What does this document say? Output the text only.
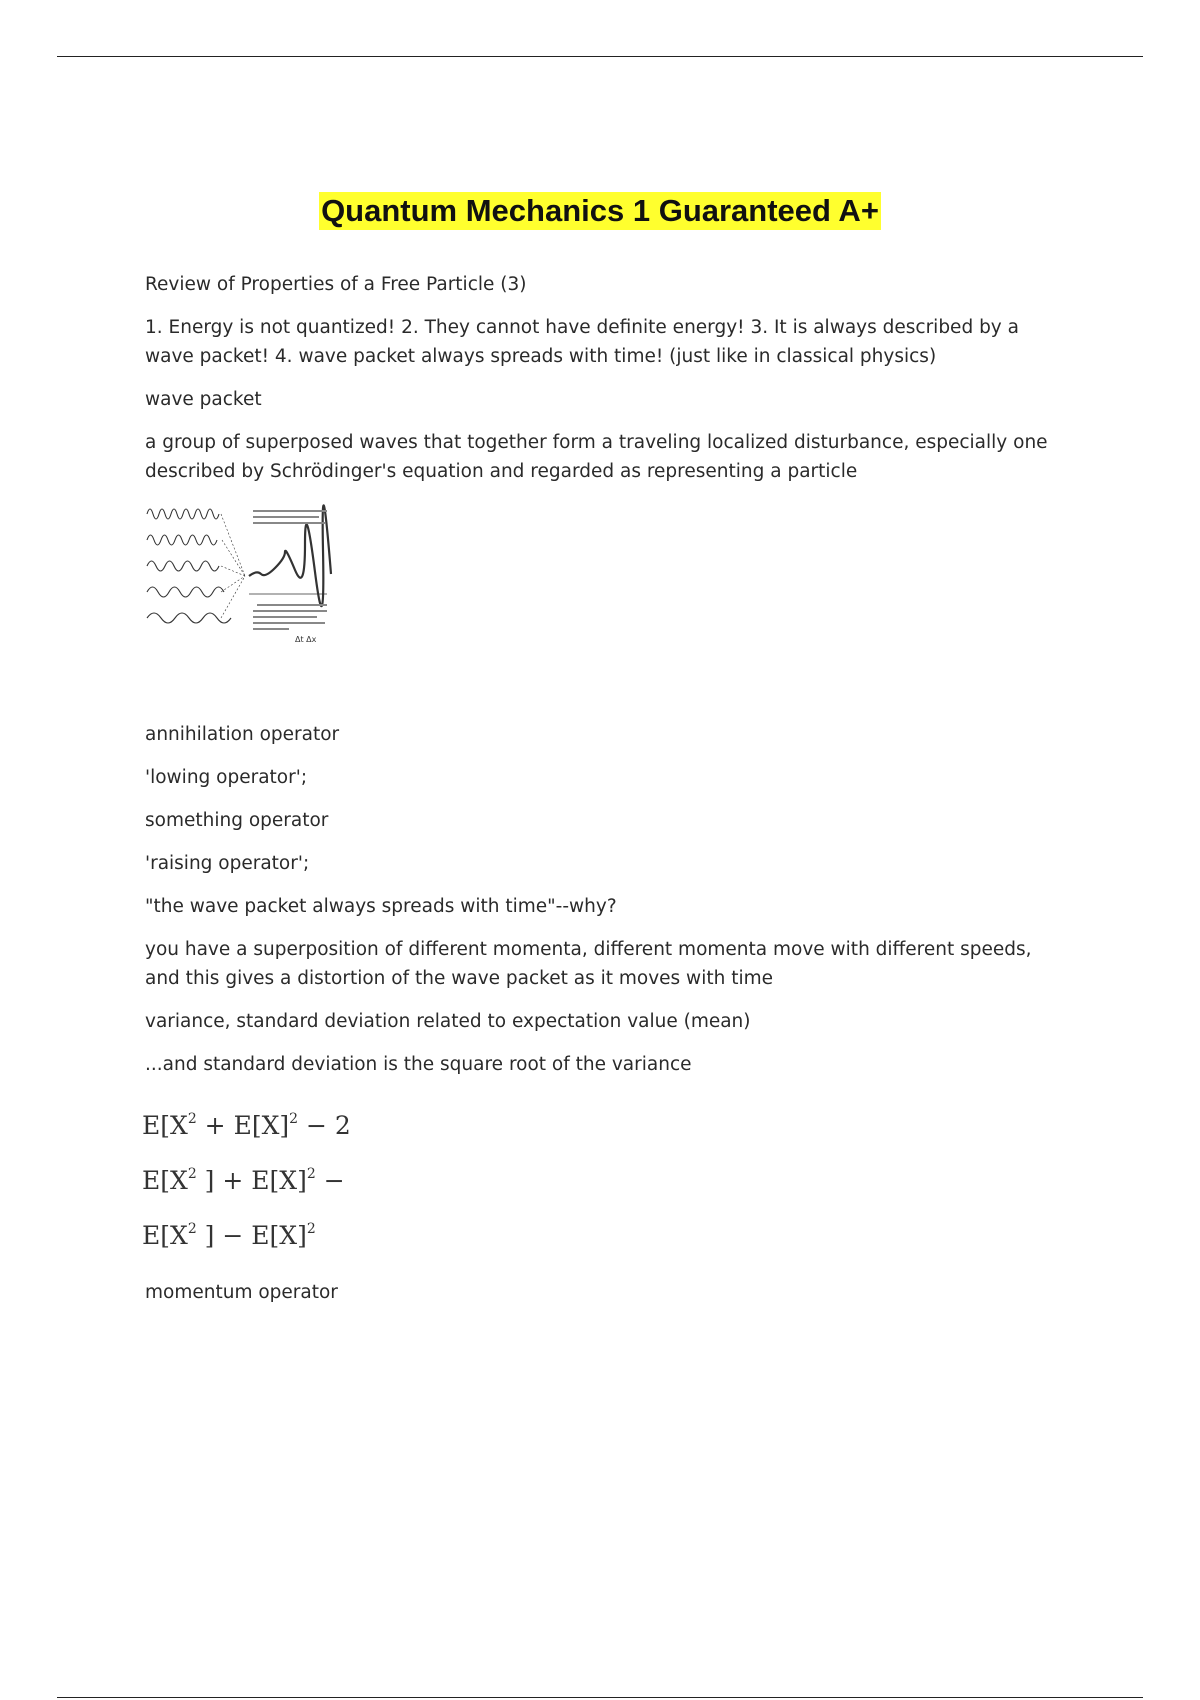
Quantum Mechanics 1 Guaranteed A+

Review of Properties of a Free Particle (3)

1. Energy is not quantized! 2. They cannot have definite energy! 3. It is always described by a wave packet! 4. wave packet always spreads with time! (just like in classical physics)

wave packet

a group of superposed waves that together form a traveling localized disturbance, especially one described by Schrödinger's equation and regarded as representing a particle

Δt Δx

annihilation operator

'lowing operator';

something operator

'raising operator';

"the wave packet always spreads with time"--why?

you have a superposition of different momenta, different momenta move with different speeds, and this gives a distortion of the wave packet as it moves with time

variance, standard deviation related to expectation value (mean)

...and standard deviation is the square root of the variance

$E[X^2 + E[X]^2 - 2$
$E[X^2$ ] + $E[X]^2$ −
$E[X^2$ ] − $E[X]^2$

momentum operator
